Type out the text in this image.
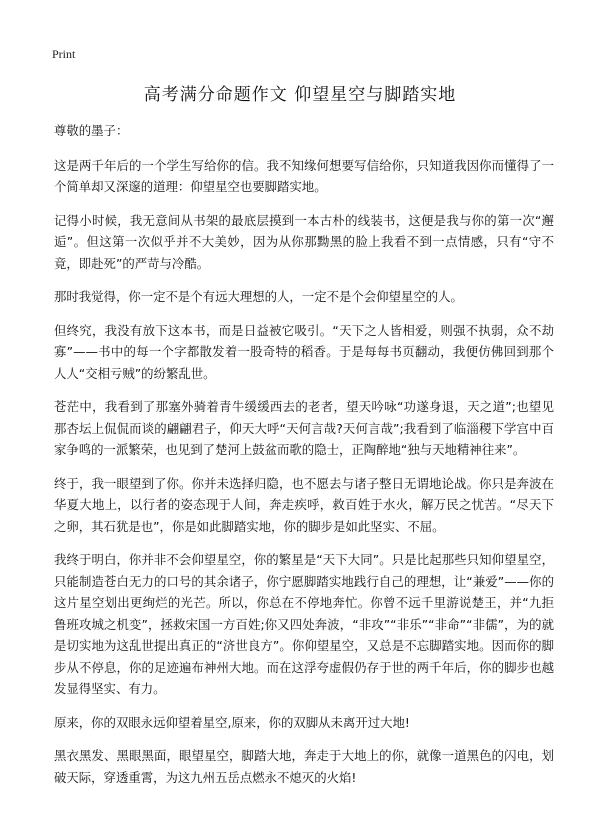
Print
高考满分命题作文 仰望星空与脚踏实地

尊敬的墨子：

这是两千年后的一个学生写给你的信。我不知缘何想要写信给你，只知道我因你而懂得了一个简单却又深邃的道理：仰望星空也要脚踏实地。

记得小时候，我无意间从书架的最底层摸到一本古朴的线装书，这便是我与你的第一次“邂逅”。但这第一次似乎并不大美妙，因为从你那黝黑的脸上我看不到一点情感，只有“守不竟，即赴死”的严苛与冷酷。

那时我觉得，你一定不是个有远大理想的人，一定不是个会仰望星空的人。

但终究，我没有放下这本书，而是日益被它吸引。“天下之人皆相爱，则强不执弱，众不劫寡”——书中的每一个字都散发着一股奇特的稻香。于是每每书页翻动，我便仿佛回到那个人人“交相亏贼”的纷繁乱世。

苍茫中，我看到了那塞外骑着青牛缓缓西去的老者，望天吟咏“功遂身退，天之道”;也望见那杏坛上侃侃而谈的翩翩君子，仰天大呼“天何言哉?天何言哉”;我看到了临淄稷下学宫中百家争鸣的一派繁荣，也见到了楚河上鼓盆而歌的隐士，正陶醉地“独与天地精神往来”。

终于，我一眼望到了你。你并未选择归隐，也不愿去与诸子整日无谓地论战。你只是奔波在华夏大地上，以行者的姿态现于人间，奔走疾呼，救百姓于水火，解万民之忧苦。“尽天下之卵，其石犹是也”，你是如此脚踏实地，你的脚步是如此坚实、不屈。

我终于明白，你并非不会仰望星空，你的繁星是“天下大同”。只是比起那些只知仰望星空，只能制造苍白无力的口号的其余诸子，你宁愿脚踏实地践行自己的理想，让“兼爱”——你的这片星空划出更绚烂的光芒。所以，你总在不停地奔忙。你曾不远千里游说楚王，并“九拒鲁班攻城之机变”，拯救宋国一方百姓;你又四处奔波，“非攻”“非乐”“非命”“非儒”，为的就是切实地为这乱世提出真正的“济世良方”。你仰望星空，又总是不忘脚踏实地。因而你的脚步从不停息，你的足迹遍布神州大地。而在这浮夸虚假仍存于世的两千年后，你的脚步也越发显得坚实、有力。

原来，你的双眼永远仰望着星空,原来，你的双脚从未离开过大地!

黑衣黑发、黑眼黑面，眼望星空，脚踏大地，奔走于大地上的你，就像一道黑色的闪电，划破天际，穿透重霄，为这九州五岳点燃永不熄灭的火焰!
